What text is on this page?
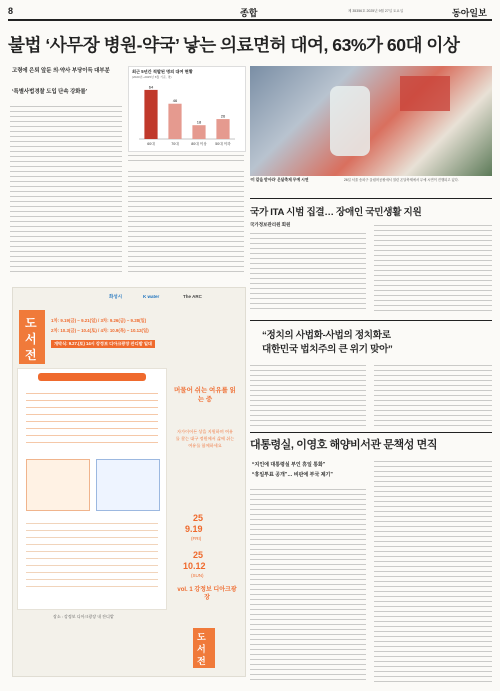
8	종합	제 35356호 2025년 9월 27일 토요일	동아일보
불법 ‘사무장 병원-약국’ 낳는 의료면허 대여, 63%가 60대 이상
고령에 은퇴 앞둔 의·약사 부당이득 대부분
‘특별사법경찰 도입 단속 강화를’
최근 5년간 적발된 명의 대여 현황
(2020년~2025년 6월 기준, 명)
64
60대
46
70대
18
80대 이상
26
50대 이하
‘미 칼을 받아라’ 온달축제 무예 시연	26일 서울 송파구 올림픽공원에서 열린 온달축제에서 무예 시연이 진행되고 있다.
국가 ITA 시범 집결… 장애인 국민생활 지원
국가정보관리원 회원
화성시	K water	The ARC
도
서
전
1차: 9.19(금) ~ 9.21(일) / 3차: 9.26(금) ~ 9.28(일)
2차: 10.3(금) ~ 10.4(토) / 4차: 10.9(목) ~ 10.12(일)
개막식: 9.27.(토) 14시 강정보 디아크광장 잔디밭 일대
머물어 쉬는 여유를 읽는 중
자가이어든 상을 지원하며 여유를 찾는 대구 정원에서 삶에 쉬는 여유를 함께하세요
25
9.19
(FRI)
25
10.12
(SUN)
vol. 1 강정보 디아크광장
장소 : 강정보 디아크광장 내 잔디밭
도
서
전
“정치의 사법화-사법의 정치화로
대한민국 법치주의 큰 위기 맞아”
대통령실, 이영호 해양비서관 문책성 면직
“지인에 대통령실 부인 휴일 통화”
“휴일투표 공개”… 비판에 부국 제기”
